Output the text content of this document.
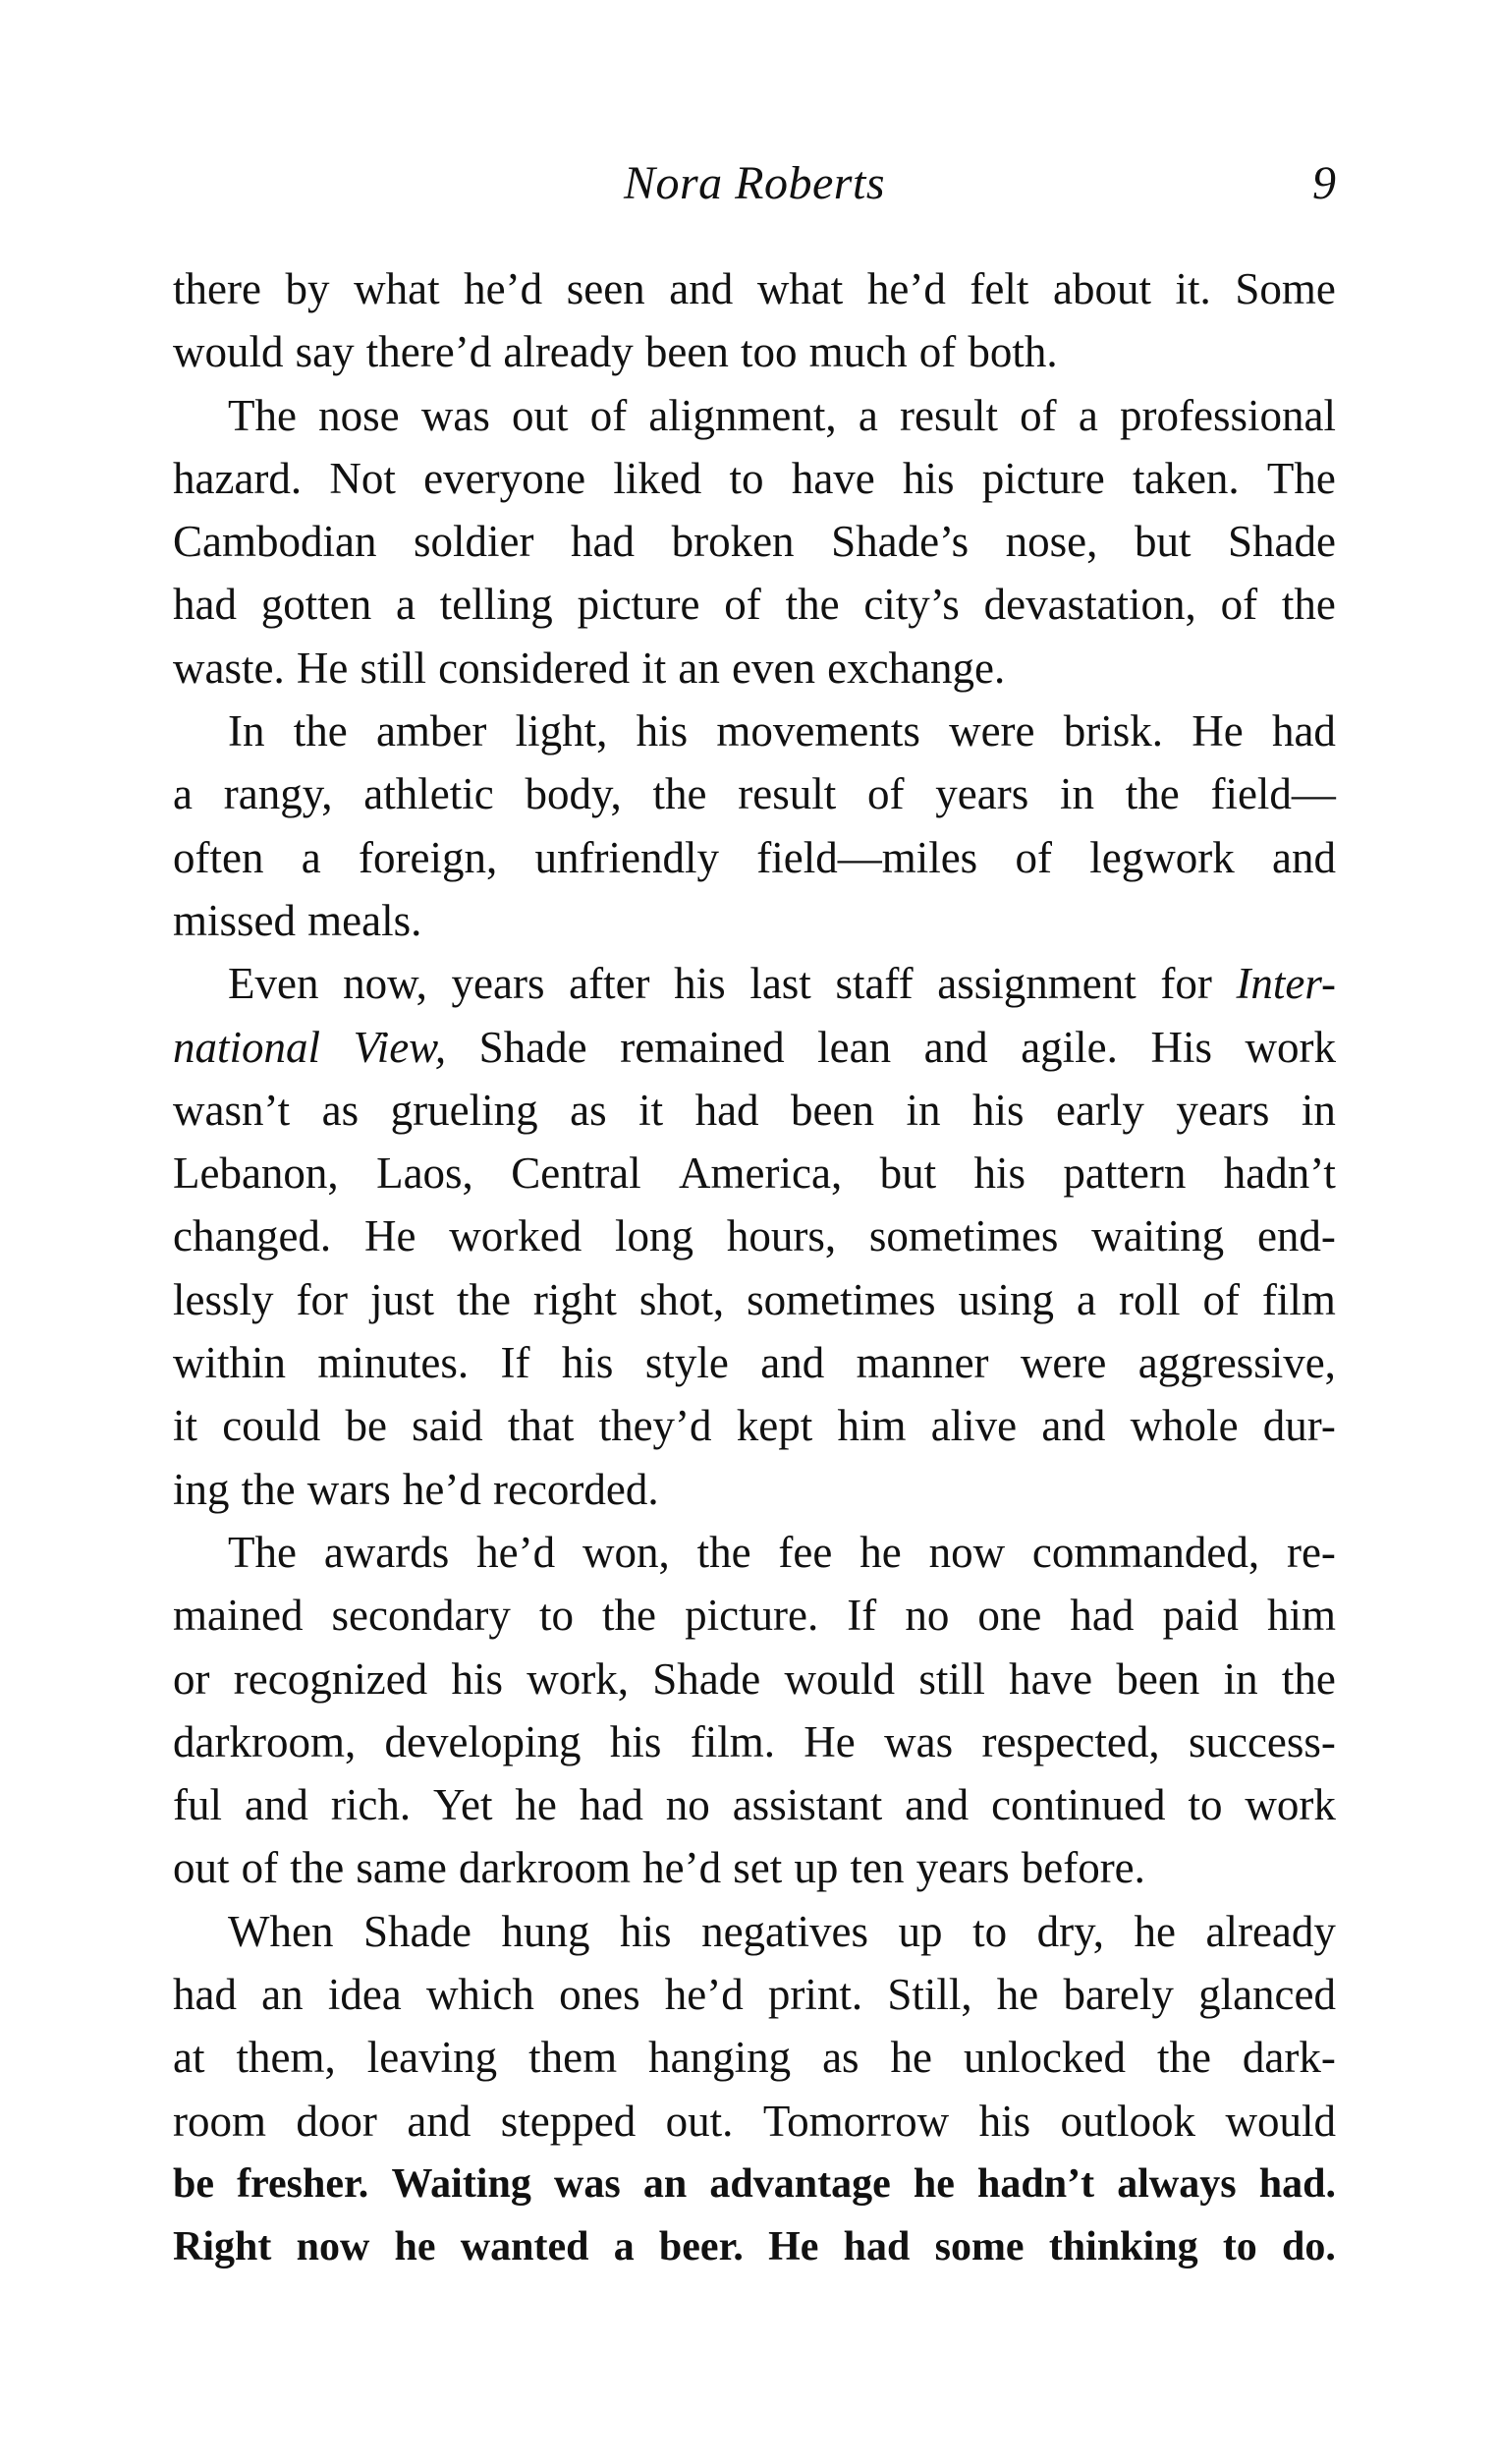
Nora Roberts	9
there by what he’d seen and what he’d felt about it. Some
would say there’d already been too much of both.
The nose was out of alignment, a result of a professional
hazard. Not everyone liked to have his picture taken. The
Cambodian soldier had broken Shade’s nose, but Shade
had gotten a telling picture of the city’s devastation, of the
waste. He still considered it an even exchange.
In the amber light, his movements were brisk. He had
a rangy, athletic body, the result of years in the field—
often a foreign, unfriendly field—miles of legwork and
missed meals.
Even now, years after his last staff assignment for Inter-
national View, Shade remained lean and agile. His work
wasn’t as grueling as it had been in his early years in
Lebanon, Laos, Central America, but his pattern hadn’t
changed. He worked long hours, sometimes waiting end-
lessly for just the right shot, sometimes using a roll of film
within minutes. If his style and manner were aggressive,
it could be said that they’d kept him alive and whole dur-
ing the wars he’d recorded.
The awards he’d won, the fee he now commanded, re-
mained secondary to the picture. If no one had paid him
or recognized his work, Shade would still have been in the
darkroom, developing his film. He was respected, success-
ful and rich. Yet he had no assistant and continued to work
out of the same darkroom he’d set up ten years before.
When Shade hung his negatives up to dry, he already
had an idea which ones he’d print. Still, he barely glanced
at them, leaving them hanging as he unlocked the dark-
room door and stepped out. Tomorrow his outlook would
be fresher. Waiting was an advantage he hadn’t always had.
Right now he wanted a beer. He had some thinking to do.
